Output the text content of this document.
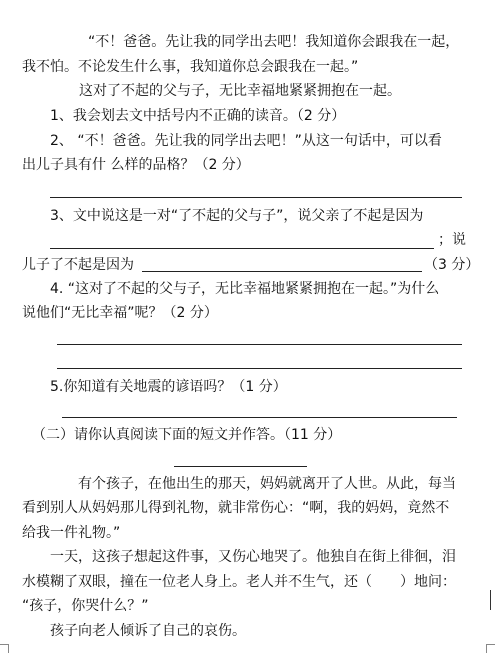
“不！爸爸。先让我的同学出去吧！我知道你会跟我在一起，
我不怕。不论发生什么事，我知道你总会跟我在一起。”
这对了不起的父与子，无比幸福地紧紧拥抱在一起。
1、我会划去文中括号内不正确的读音。（2 分）
2、 “不！爸爸。先让我的同学出去吧！”从这一句话中，可以看
出儿子具有什 么样的品格？（2 分）
3、文中说这是一对“了不起的父与子”，说父亲了不起是因为
；说
儿子了不起是因为	（3 分）
4. “这对了不起的父与子，无比幸福地紧紧拥抱在一起。”为什么
说他们“无比幸福”呢？（2 分）
5.你知道有关地震的谚语吗？（1 分）
（二）请你认真阅读下面的短文并作答。（11 分）
有个孩子，在他出生的那天，妈妈就离开了人世。从此，每当
看到别人从妈妈那儿得到礼物，就非常伤心：“啊，我的妈妈，竟然不
给我一件礼物。”
一天，这孩子想起这件事，又伤心地哭了。他独自在街上徘徊，泪
水模糊了双眼，撞在一位老人身上。老人并不生气，还（　　）地问：
“孩子，你哭什么？”
孩子向老人倾诉了自己的哀伤。
